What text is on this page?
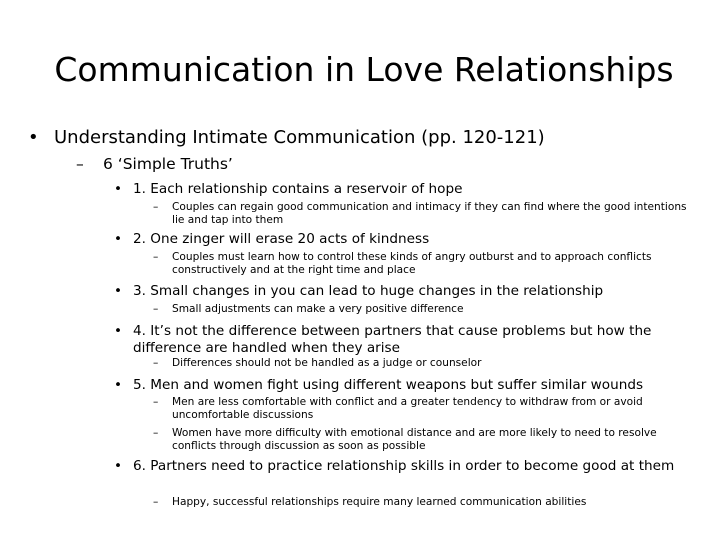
Communication in Love Relationships
• Understanding Intimate Communication (pp. 120-121)
–	6 ‘Simple Truths’
• 1. Each relationship contains a reservoir of hope
–	Couples can regain good communication and intimacy if they can find where the good intentions lie and tap into them
• 2. One zinger will erase 20 acts of kindness
–	Couples must learn how to control these kinds of angry outburst and to approach conflicts constructively and at the right time and place
• 3. Small changes in you can lead to huge changes in the relationship
–	Small adjustments can make a very positive difference
• 4. It’s not the difference between partners that cause problems but how the difference are handled when they arise
–	Differences should not be handled as a judge or counselor
• 5. Men and women fight using different weapons but suffer similar wounds
–	Men are less comfortable with conflict and a greater tendency to withdraw from or avoid uncomfortable discussions
–	Women have more difficulty with emotional distance and are more likely to need to resolve conflicts through discussion as soon as possible
• 6. Partners need to practice relationship skills in order to become good at them
–	Happy, successful relationships require many learned communication abilities
